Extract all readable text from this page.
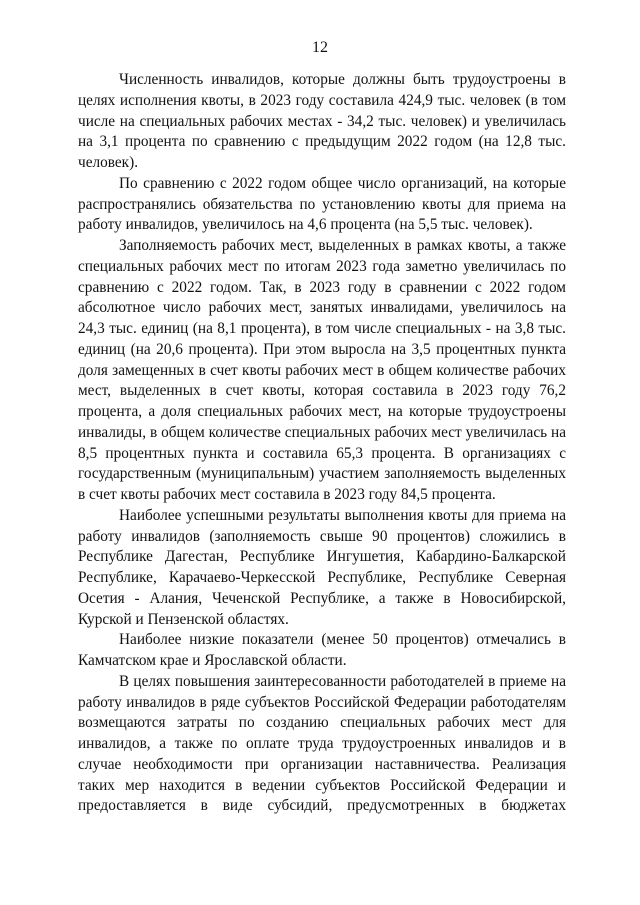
12

Численность инвалидов, которые должны быть трудоустроены в целях исполнения квоты, в 2023 году составила 424,9 тыс. человек (в том числе на специальных рабочих местах - 34,2 тыс. человек) и увеличилась на 3,1 процента по сравнению с предыдущим 2022 годом (на 12,8 тыс. человек).

По сравнению с 2022 годом общее число организаций, на которые распространялись обязательства по установлению квоты для приема на работу инвалидов, увеличилось на 4,6 процента (на 5,5 тыс. человек).

Заполняемость рабочих мест, выделенных в рамках квоты, а также специальных рабочих мест по итогам 2023 года заметно увеличилась по сравнению с 2022 годом. Так, в 2023 году в сравнении с 2022 годом абсолютное число рабочих мест, занятых инвалидами, увеличилось на 24,3 тыс. единиц (на 8,1 процента), в том числе специальных - на 3,8 тыс. единиц (на 20,6 процента). При этом выросла на 3,5 процентных пункта доля замещенных в счет квоты рабочих мест в общем количестве рабочих мест, выделенных в счет квоты, которая составила в 2023 году 76,2 процента, а доля специальных рабочих мест, на которые трудоустроены инвалиды, в общем количестве специальных рабочих мест увеличилась на 8,5 процентных пункта и составила 65,3 процента. В организациях с государственным (муниципальным) участием заполняемость выделенных в счет квоты рабочих мест составила в 2023 году 84,5 процента.

Наиболее успешными результаты выполнения квоты для приема на работу инвалидов (заполняемость свыше 90 процентов) сложились в Республике Дагестан, Республике Ингушетия, Кабардино-Балкарской Республике, Карачаево-Черкесской Республике, Республике Северная Осетия - Алания, Чеченской Республике, а также в Новосибирской, Курской и Пензенской областях.

Наиболее низкие показатели (менее 50 процентов) отмечались в Камчатском крае и Ярославской области.

В целях повышения заинтересованности работодателей в приеме на работу инвалидов в ряде субъектов Российской Федерации работодателям возмещаются затраты по созданию специальных рабочих мест для инвалидов, а также по оплате труда трудоустроенных инвалидов и в случае необходимости при организации наставничества. Реализация таких мер находится в ведении субъектов Российской Федерации и предоставляется в виде субсидий, предусмотренных в бюджетах
